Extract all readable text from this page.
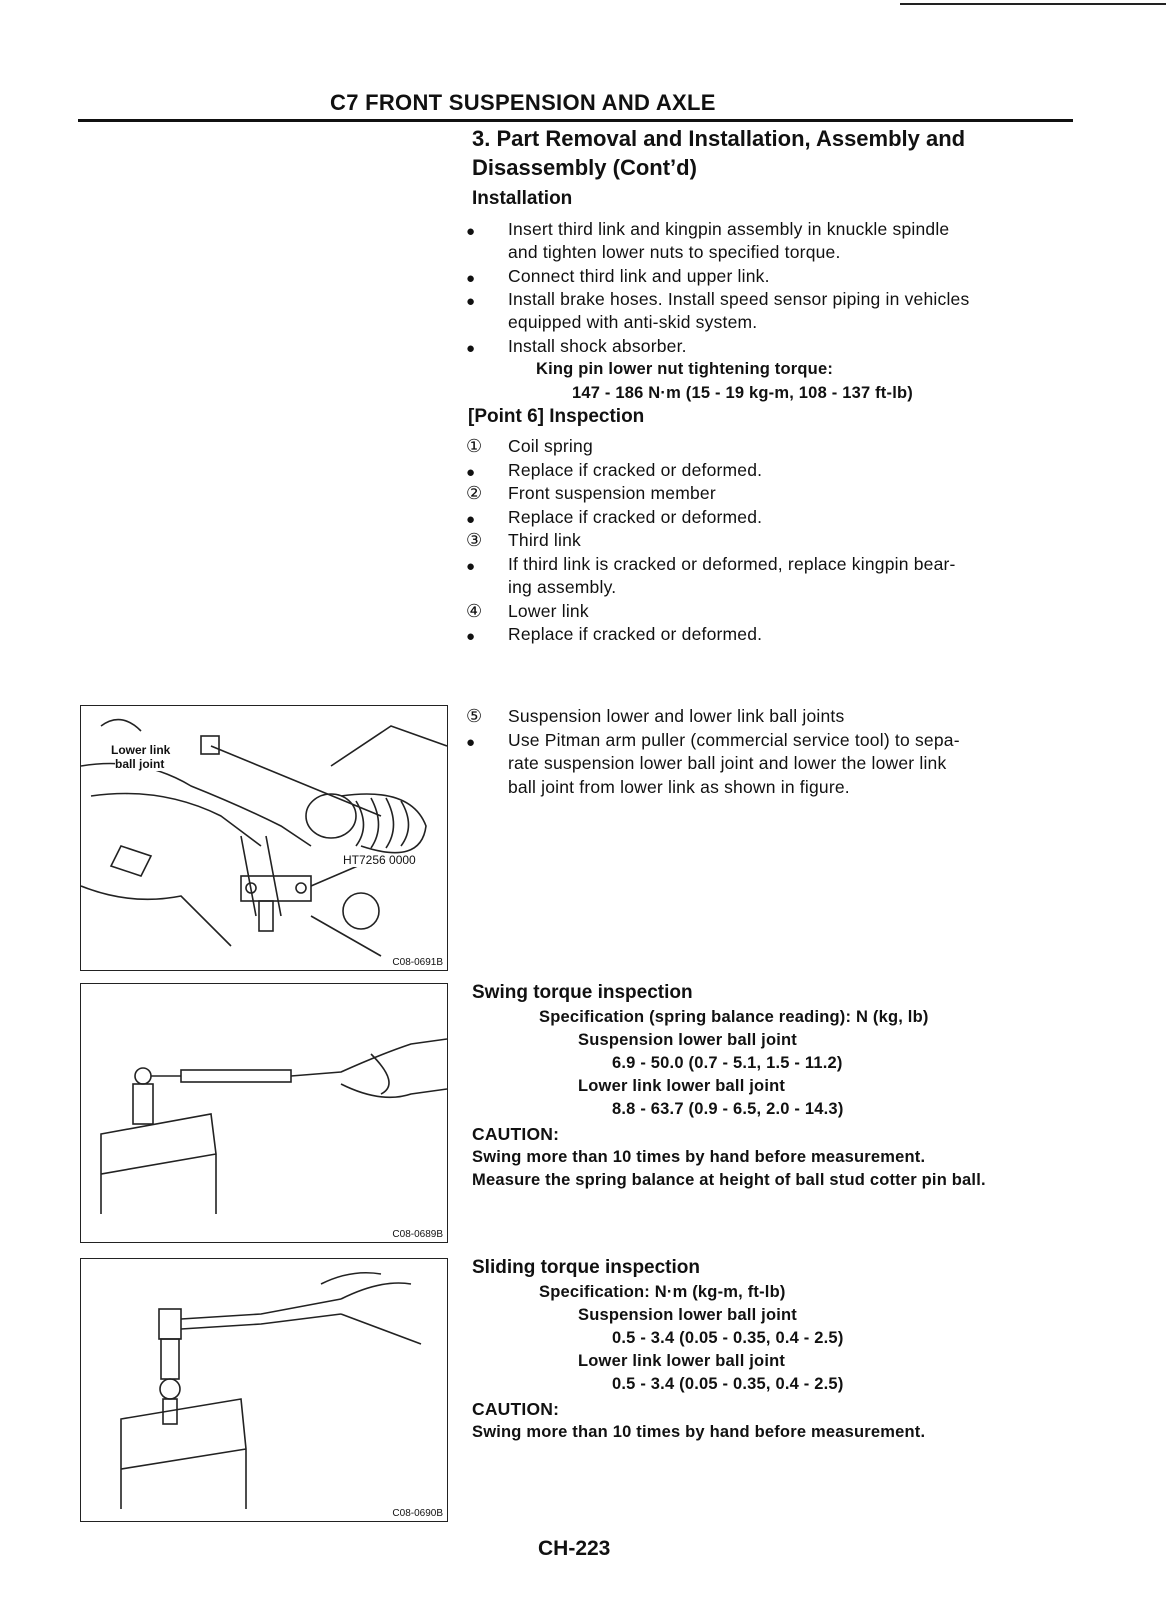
C7 FRONT SUSPENSION AND AXLE
3. Part Removal and Installation, Assembly and
Disassembly (Cont’d)
Installation
● Insert third link and kingpin assembly in knuckle spindle
and tighten lower nuts to specified torque.
● Connect third link and upper link.
● Install brake hoses. Install speed sensor piping in vehicles
equipped with anti-skid system.
● Install shock absorber.
King pin lower nut tightening torque:
147 - 186 N·m (15 - 19 kg-m, 108 - 137 ft-lb)
[Point 6] Inspection
① Coil spring
● Replace if cracked or deformed.
② Front suspension member
● Replace if cracked or deformed.
③ Third link
● If third link is cracked or deformed, replace kingpin bear-
ing assembly.
④ Lower link
● Replace if cracked or deformed.
⑤ Suspension lower and lower link ball joints
● Use Pitman arm puller (commercial service tool) to sepa-
rate suspension lower ball joint and lower the lower link
ball joint from lower link as shown in figure.
Swing torque inspection
Specification (spring balance reading): N (kg, lb)
Suspension lower ball joint
6.9 - 50.0 (0.7 - 5.1, 1.5 - 11.2)
Lower link lower ball joint
8.8 - 63.7 (0.9 - 6.5, 2.0 - 14.3)
CAUTION:
Swing more than 10 times by hand before measurement.
Measure the spring balance at height of ball stud cotter pin ball.
Sliding torque inspection
Specification: N·m (kg-m, ft-lb)
Suspension lower ball joint
0.5 - 3.4 (0.05 - 0.35, 0.4 - 2.5)
Lower link lower ball joint
0.5 - 3.4 (0.05 - 0.35, 0.4 - 2.5)
CAUTION:
Swing more than 10 times by hand before measurement.
Lower link
ball joint
HT7256 0000
C08-0691B
C08-0689B
C08-0690B
CH-223
